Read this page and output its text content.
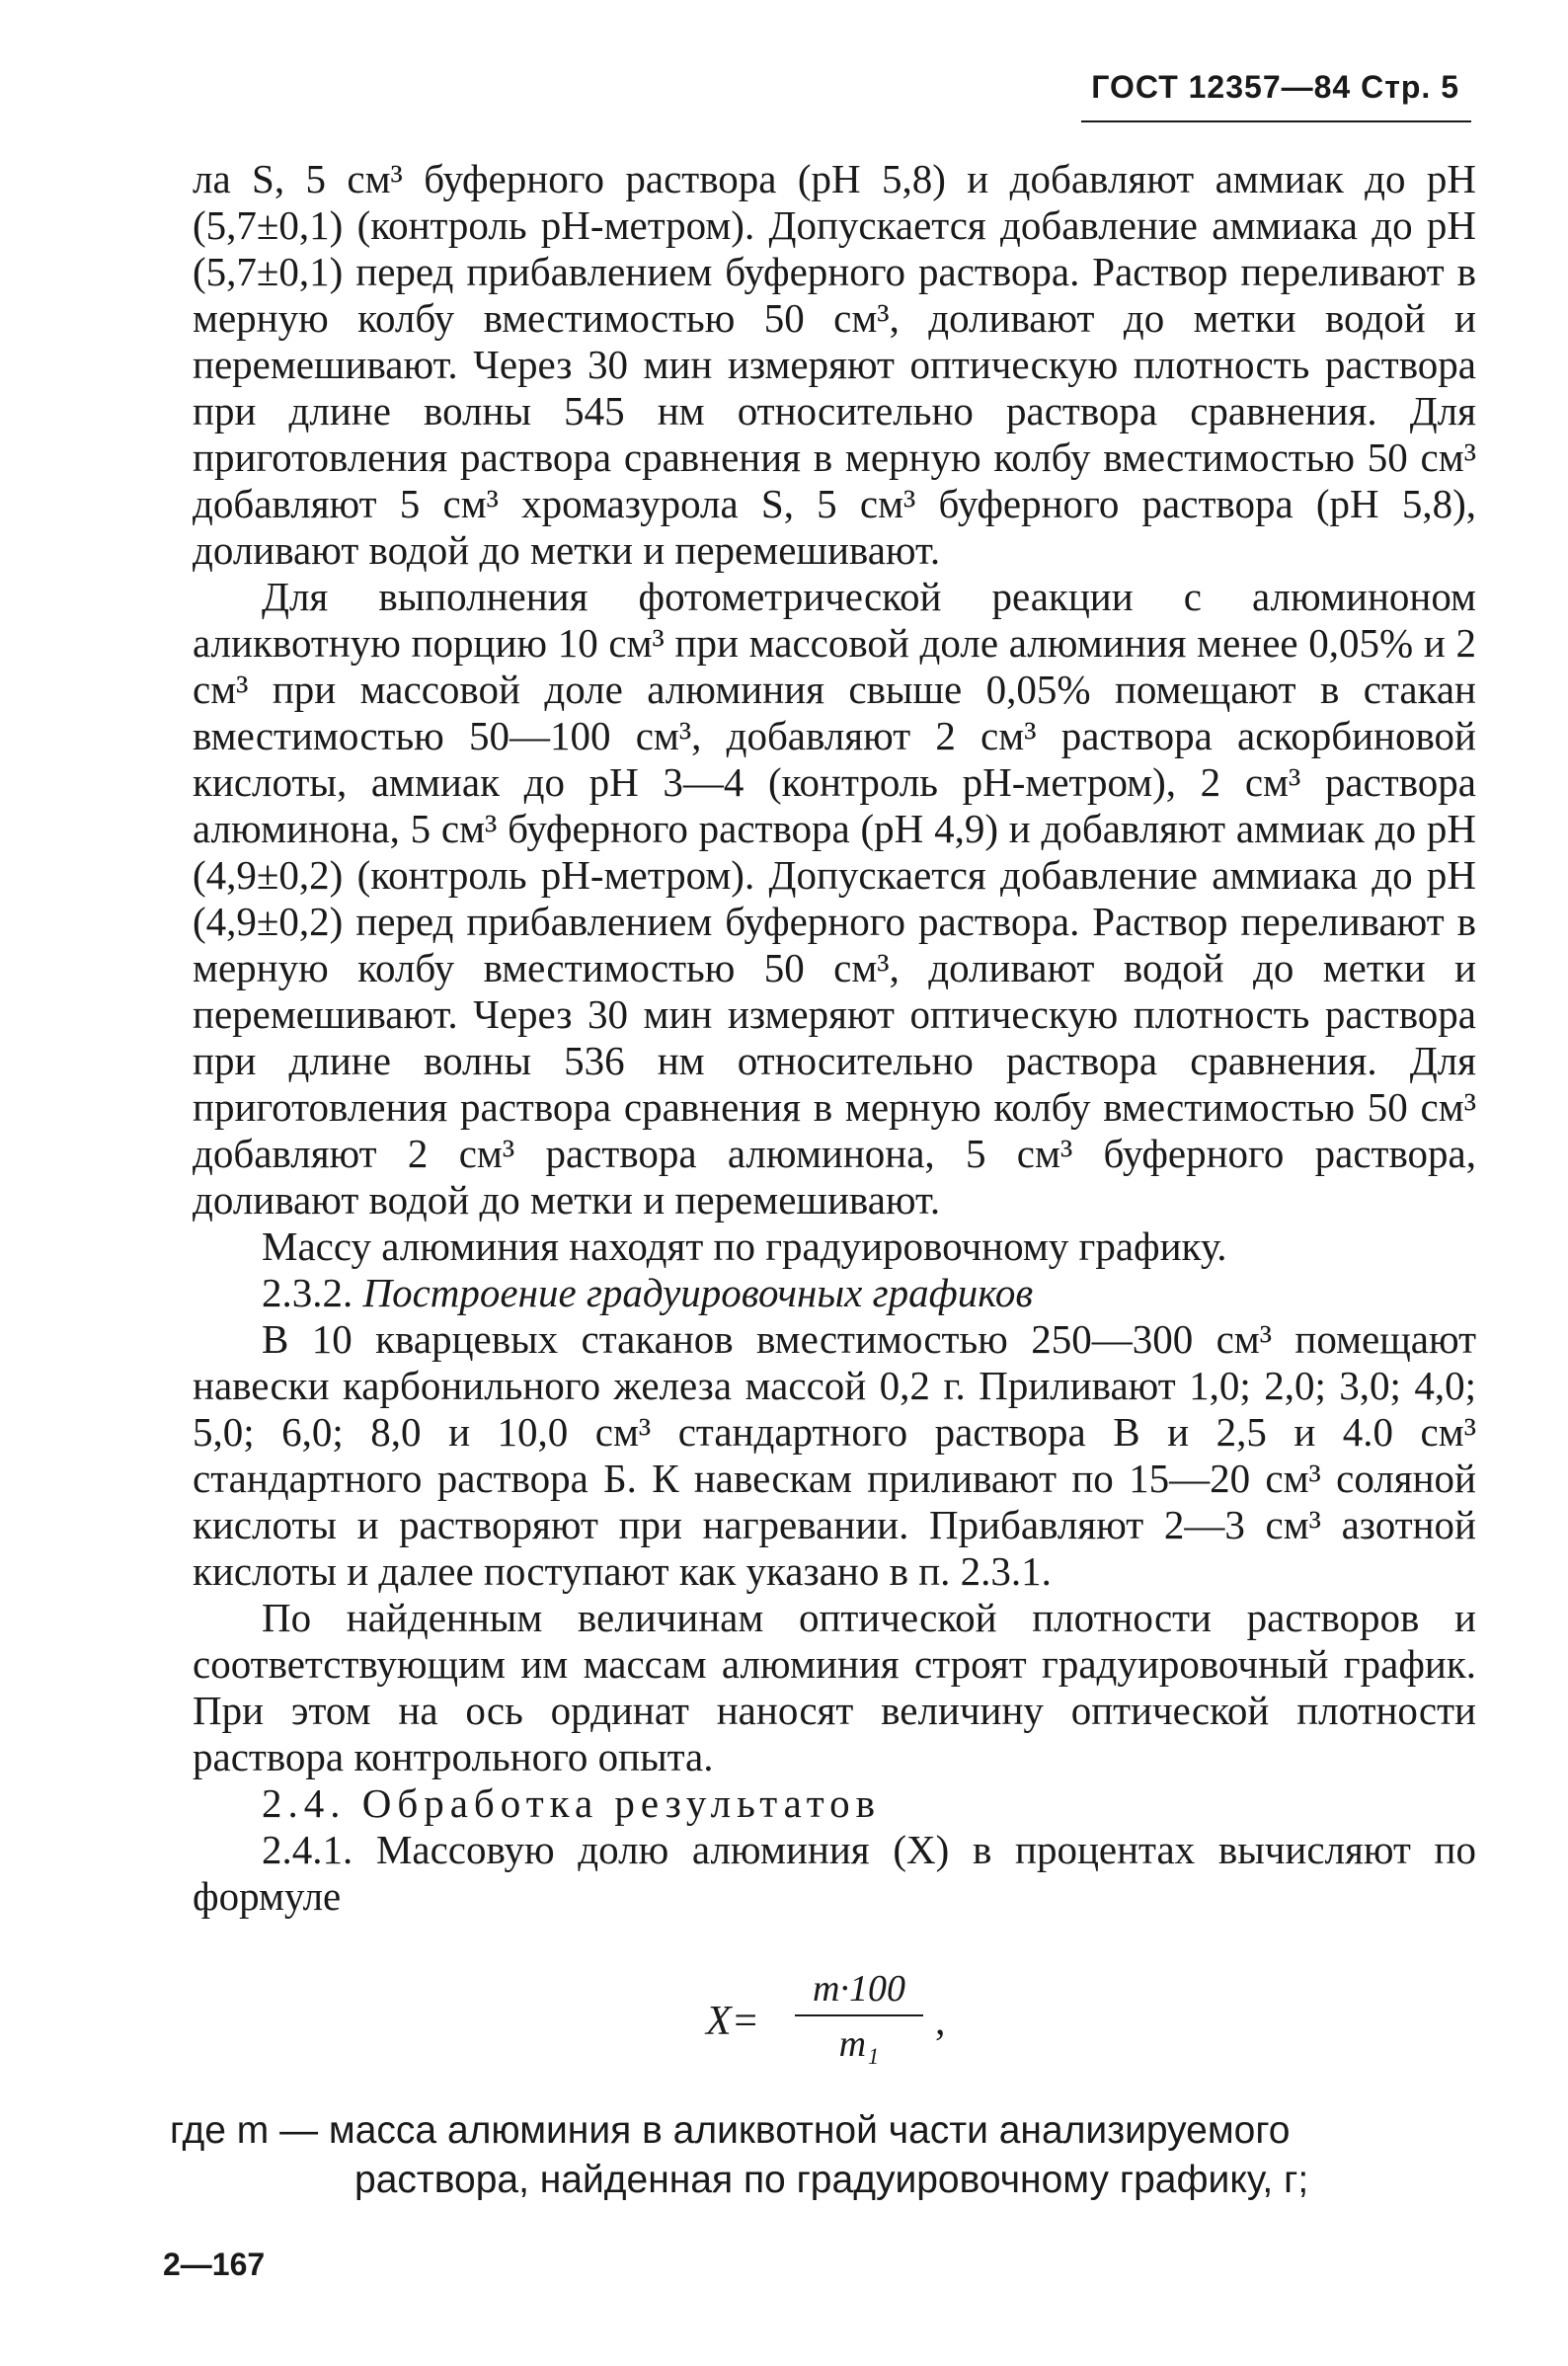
ГОСТ 12357—84 Стр. 5

ла S, 5 см³ буферного раствора (рН 5,8) и добавляют аммиак до рН (5,7±0,1) (контроль рН-метром). Допускается добавление аммиака до рН (5,7±0,1) перед прибавлением буферного раствора. Раствор переливают в мерную колбу вместимостью 50 см³, доливают до метки водой и перемешивают. Через 30 мин измеряют оптическую плотность раствора при длине волны 545 нм относительно раствора сравнения. Для приготовления раствора сравнения в мерную колбу вместимостью 50 см³ добавляют 5 см³ хромазурола S, 5 см³ буферного раствора (рН 5,8), доливают водой до метки и перемешивают.

Для выполнения фотометрической реакции с алюминоном аликвотную порцию 10 см³ при массовой доле алюминия менее 0,05% и 2 см³ при массовой доле алюминия свыше 0,05% помещают в стакан вместимостью 50—100 см³, добавляют 2 см³ раствора аскорбиновой кислоты, аммиак до рН 3—4 (контроль рН-метром), 2 см³ раствора алюминона, 5 см³ буферного раствора (рН 4,9) и добавляют аммиак до рН (4,9±0,2) (контроль рН-метром). Допускается добавление аммиака до рН (4,9±0,2) перед прибавлением буферного раствора. Раствор переливают в мерную колбу вместимостью 50 см³, доливают водой до метки и перемешивают. Через 30 мин измеряют оптическую плотность раствора при длине волны 536 нм относительно раствора сравнения. Для приготовления раствора сравнения в мерную колбу вместимостью 50 см³ добавляют 2 см³ раствора алюминона, 5 см³ буферного раствора, доливают водой до метки и перемешивают.

Массу алюминия находят по градуировочному графику.

2.3.2. Построение градуировочных графиков

В 10 кварцевых стаканов вместимостью 250—300 см³ помещают навески карбонильного железа массой 0,2 г. Приливают 1,0; 2,0; 3,0; 4,0; 5,0; 6,0; 8,0 и 10,0 см³ стандартного раствора В и 2,5 и 4.0 см³ стандартного раствора Б. К навескам приливают по 15—20 см³ соляной кислоты и растворяют при нагревании. Прибавляют 2—3 см³ азотной кислоты и далее поступают как указано в п. 2.3.1.

По найденным величинам оптической плотности растворов и соответствующим им массам алюминия строят градуировочный график. При этом на ось ординат наносят величину оптической плотности раствора контрольного опыта.

2.4. Обработка результатов

2.4.1. Массовую долю алюминия (X) в процентах вычисляют по формуле

X=
m·100
m₁	,
где m — масса алюминия в аликвотной части анализируемого
раствора, найденная по градуировочному графику, г;
2—167
